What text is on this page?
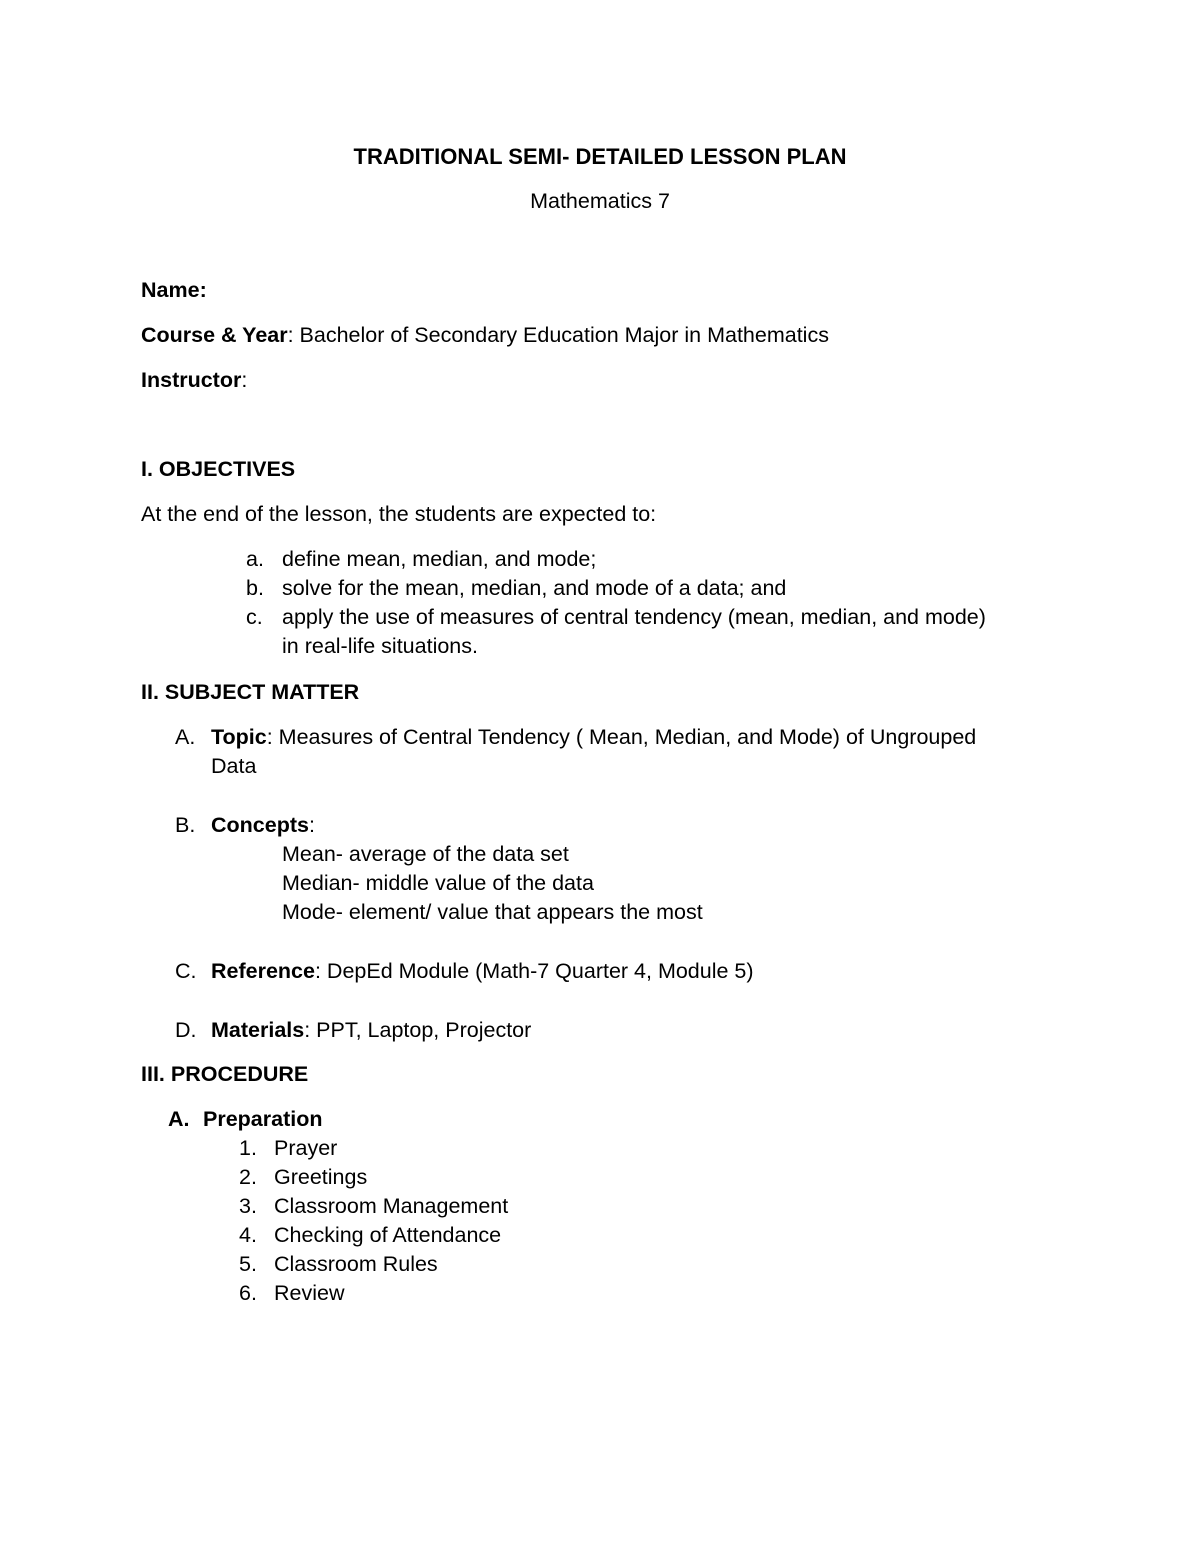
TRADITIONAL SEMI- DETAILED LESSON PLAN
Mathematics 7
Name:
Course & Year: Bachelor of Secondary Education Major in Mathematics
Instructor:
I. OBJECTIVES
At the end of the lesson, the students are expected to:
a. define mean, median, and mode;
b. solve for the mean, median, and mode of a data; and
c. apply the use of measures of central tendency (mean, median, and mode)
in real-life situations.
II. SUBJECT MATTER
A. Topic: Measures of Central Tendency ( Mean, Median, and Mode) of Ungrouped
Data
B. Concepts:
Mean- average of the data set
Median- middle value of the data
Mode- element/ value that appears the most
C. Reference: DepEd Module (Math-7 Quarter 4, Module 5)
D. Materials: PPT, Laptop, Projector
III. PROCEDURE
A. Preparation
1. Prayer
2. Greetings
3. Classroom Management
4. Checking of Attendance
5. Classroom Rules
6. Review
